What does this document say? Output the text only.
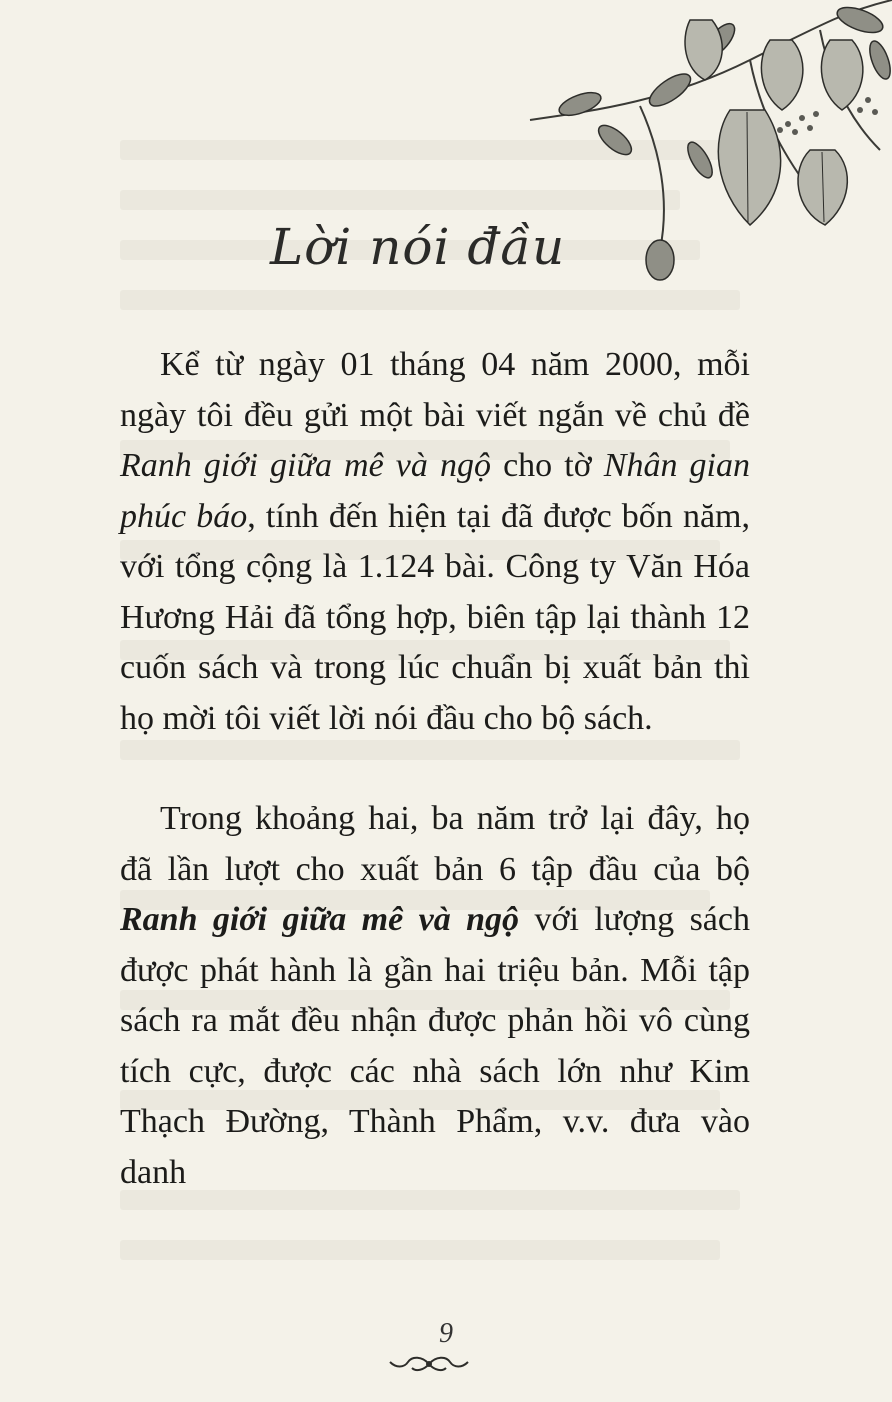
Lời nói đầu

Kể từ ngày 01 tháng 04 năm 2000, mỗi ngày tôi đều gửi một bài viết ngắn về chủ đề Ranh giới giữa mê và ngộ cho tờ Nhân gian phúc báo, tính đến hiện tại đã được bốn năm, với tổng cộng là 1.124 bài. Công ty Văn Hóa Hương Hải đã tổng hợp, biên tập lại thành 12 cuốn sách và trong lúc chuẩn bị xuất bản thì họ mời tôi viết lời nói đầu cho bộ sách.

Trong khoảng hai, ba năm trở lại đây, họ đã lần lượt cho xuất bản 6 tập đầu của bộ Ranh giới giữa mê và ngộ với lượng sách được phát hành là gần hai triệu bản. Mỗi tập sách ra mắt đều nhận được phản hồi vô cùng tích cực, được các nhà sách lớn như Kim Thạch Đường, Thành Phẩm, v.v. đưa vào danh

9
